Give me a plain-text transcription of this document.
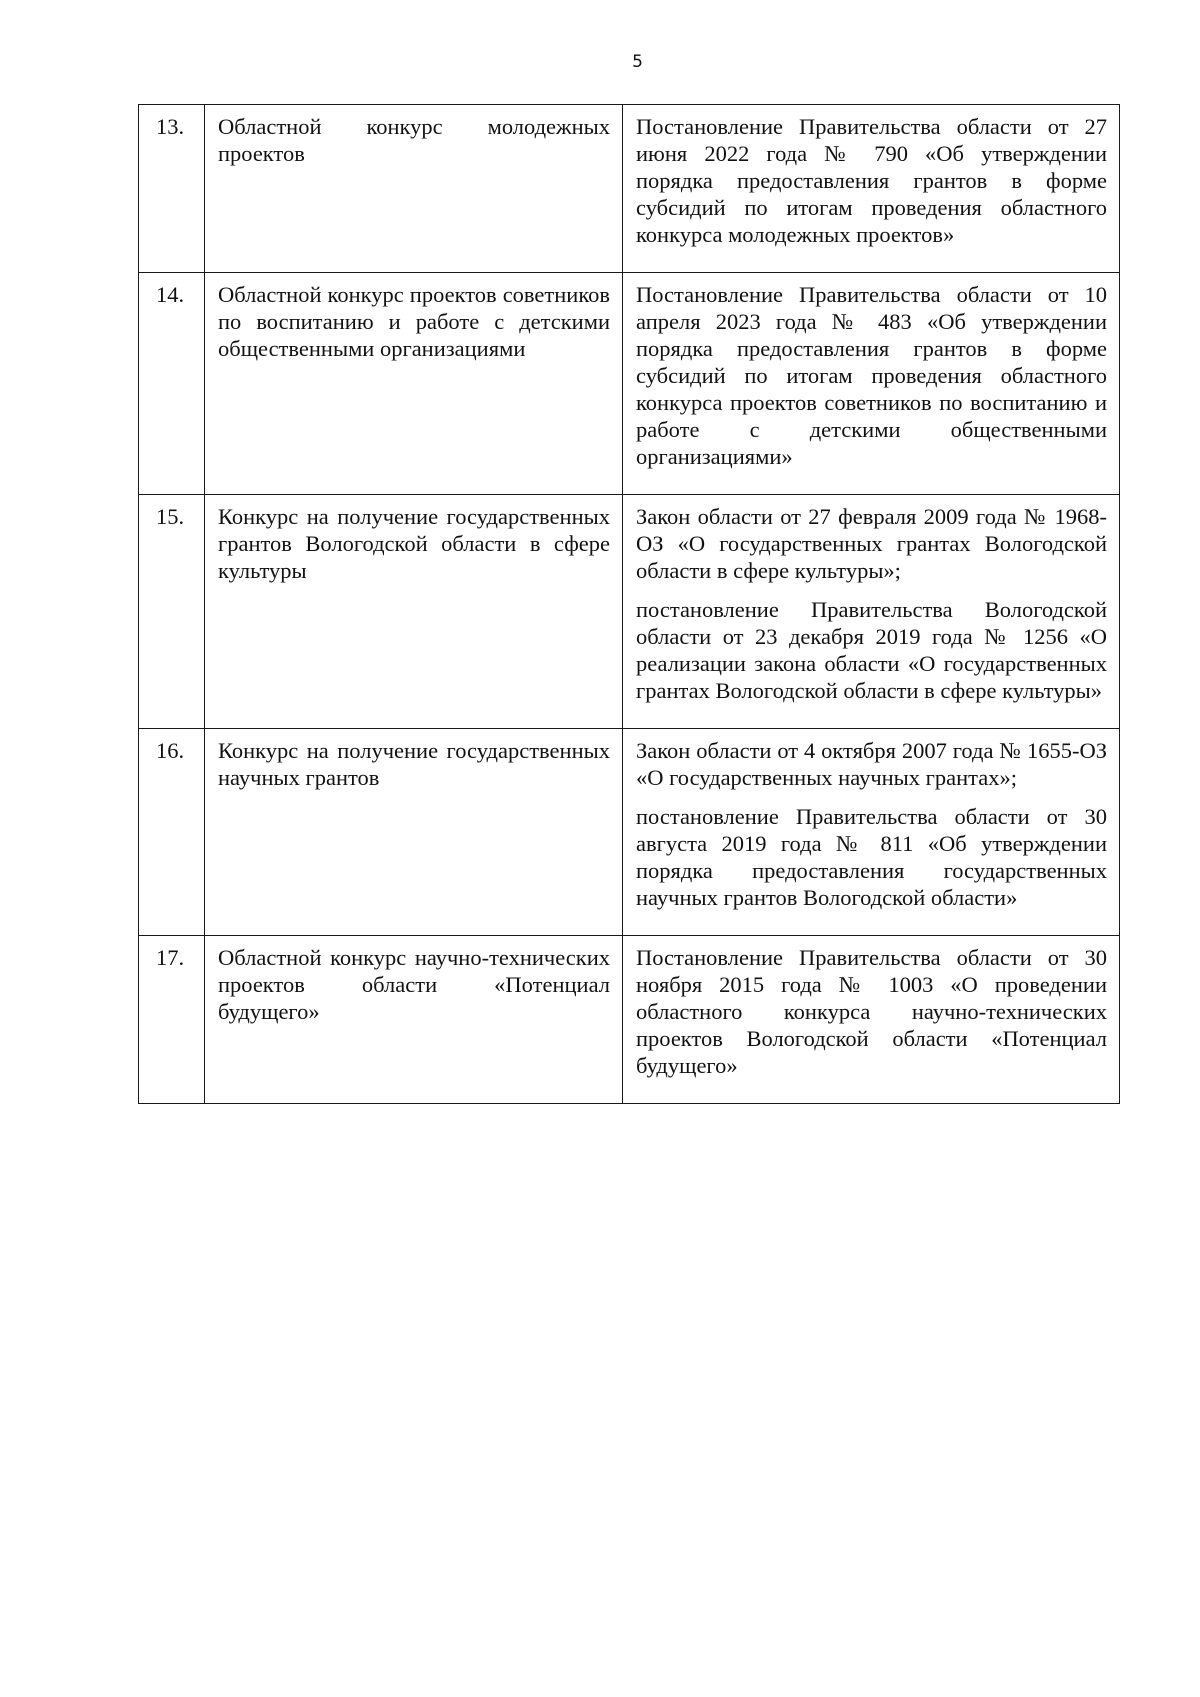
5
13.	Областной конкурс молодежных проектов	Постановление Правительства области от 27 июня 2022 года № 790 «Об утверждении порядка предоставления грантов в форме субсидий по итогам проведения областного конкурса молодежных проектов»

14.	Областной конкурс проектов советников по воспитанию и работе с детскими общественными организациями	Постановление Правительства области от 10 апреля 2023 года № 483 «Об утверждении порядка предоставления грантов в форме субсидий по итогам проведения областного конкурса проектов советников по воспитанию и работе с детскими общественными организациями»

15.	Конкурс на получение государственных грантов Вологодской области в сфере культуры	Закон области от 27 февраля 2009 года № 1968-ОЗ «О государственных грантах Вологодской области в сфере культуры»;

постановление Правительства Вологодской области от 23 декабря 2019 года № 1256 «О реализации закона области «О государственных грантах Вологодской области в сфере культуры»

16.	Конкурс на получение государственных научных грантов	Закон области от 4 октября 2007 года № 1655-ОЗ «О государственных научных грантах»;

постановление Правительства области от 30 августа 2019 года № 811 «Об утверждении порядка предоставления государственных научных грантов Вологодской области»

17.	Областной конкурс научно-технических проектов области «Потенциал будущего»	Постановление Правительства области от 30 ноября 2015 года № 1003 «О проведении областного конкурса научно-технических проектов Вологодской области «Потенциал будущего»
